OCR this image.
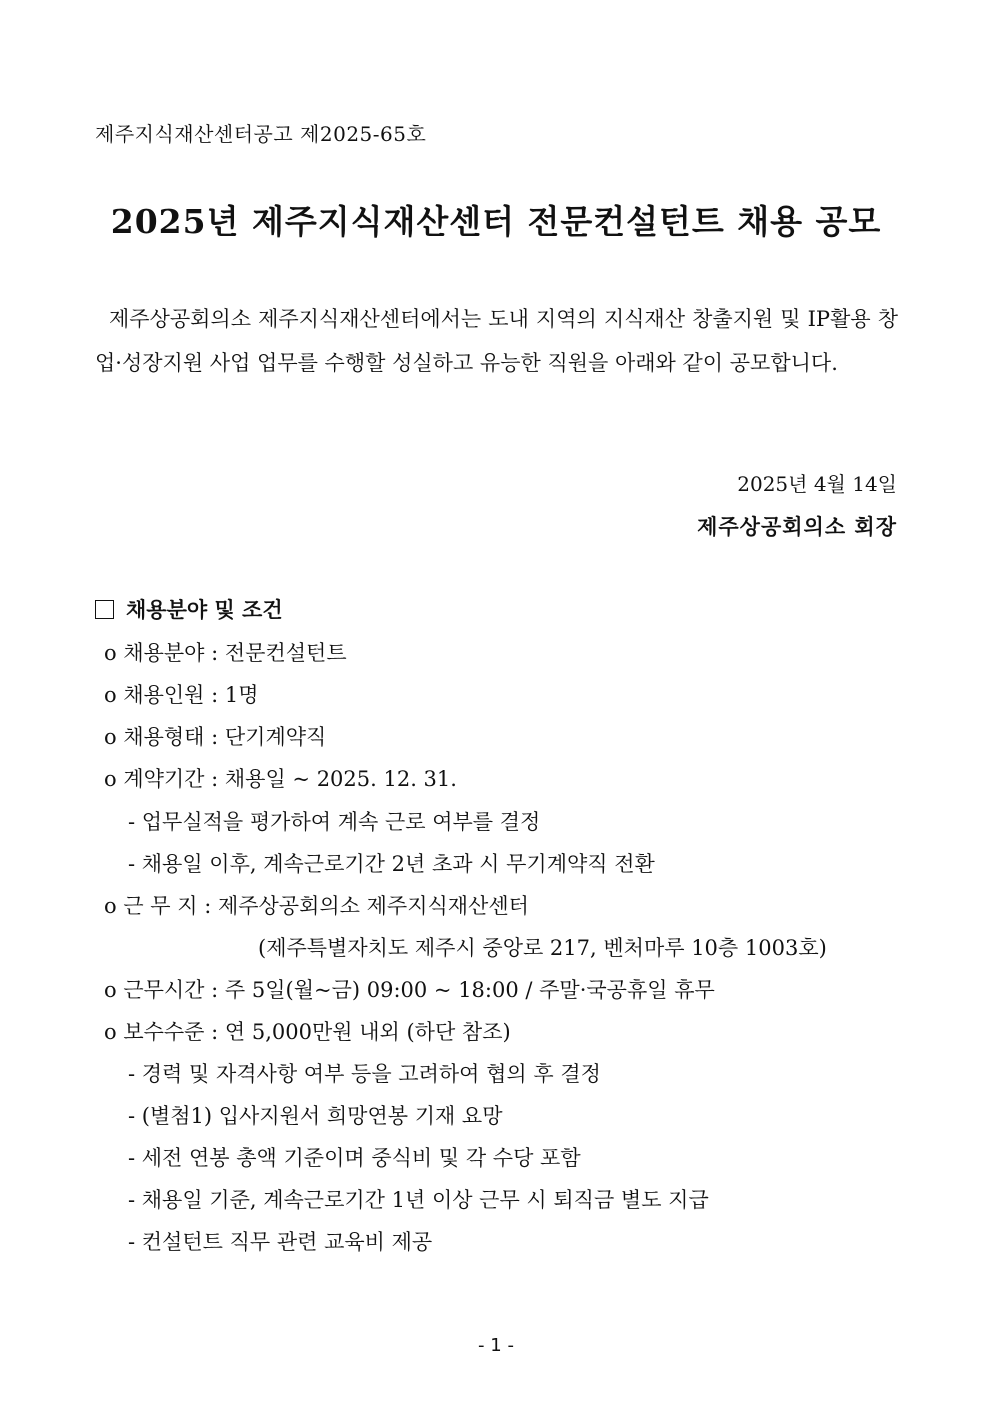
제주지식재산센터공고 제2025-65호
2025년 제주지식재산센터 전문컨설턴트 채용 공모
제주상공회의소 제주지식재산센터에서는 도내 지역의 지식재산 창출지원 및 IP활용 창업·성장지원 사업 업무를 수행할 성실하고 유능한 직원을 아래와 같이 공모합니다.
2025년 4월 14일
제주상공회의소 회장
채용분야 및 조건
o 채용분야 : 전문컨설턴트
o 채용인원 : 1명
o 채용형태 : 단기계약직
o 계약기간 : 채용일 ~ 2025. 12. 31.
- 업무실적을 평가하여 계속 근로 여부를 결정
- 채용일 이후, 계속근로기간 2년 초과 시 무기계약직 전환
o 근 무 지 : 제주상공회의소 제주지식재산센터
(제주특별자치도 제주시 중앙로 217, 벤처마루 10층 1003호)
o 근무시간 : 주 5일(월~금) 09:00 ~ 18:00 / 주말·국공휴일 휴무
o 보수수준 : 연 5,000만원 내외 (하단 참조)
- 경력 및 자격사항 여부 등을 고려하여 협의 후 결정
- (별첨1) 입사지원서 희망연봉 기재 요망
- 세전 연봉 총액 기준이며 중식비 및 각 수당 포함
- 채용일 기준, 계속근로기간 1년 이상 근무 시 퇴직금 별도 지급
- 컨설턴트 직무 관련 교육비 제공
- 1 -
